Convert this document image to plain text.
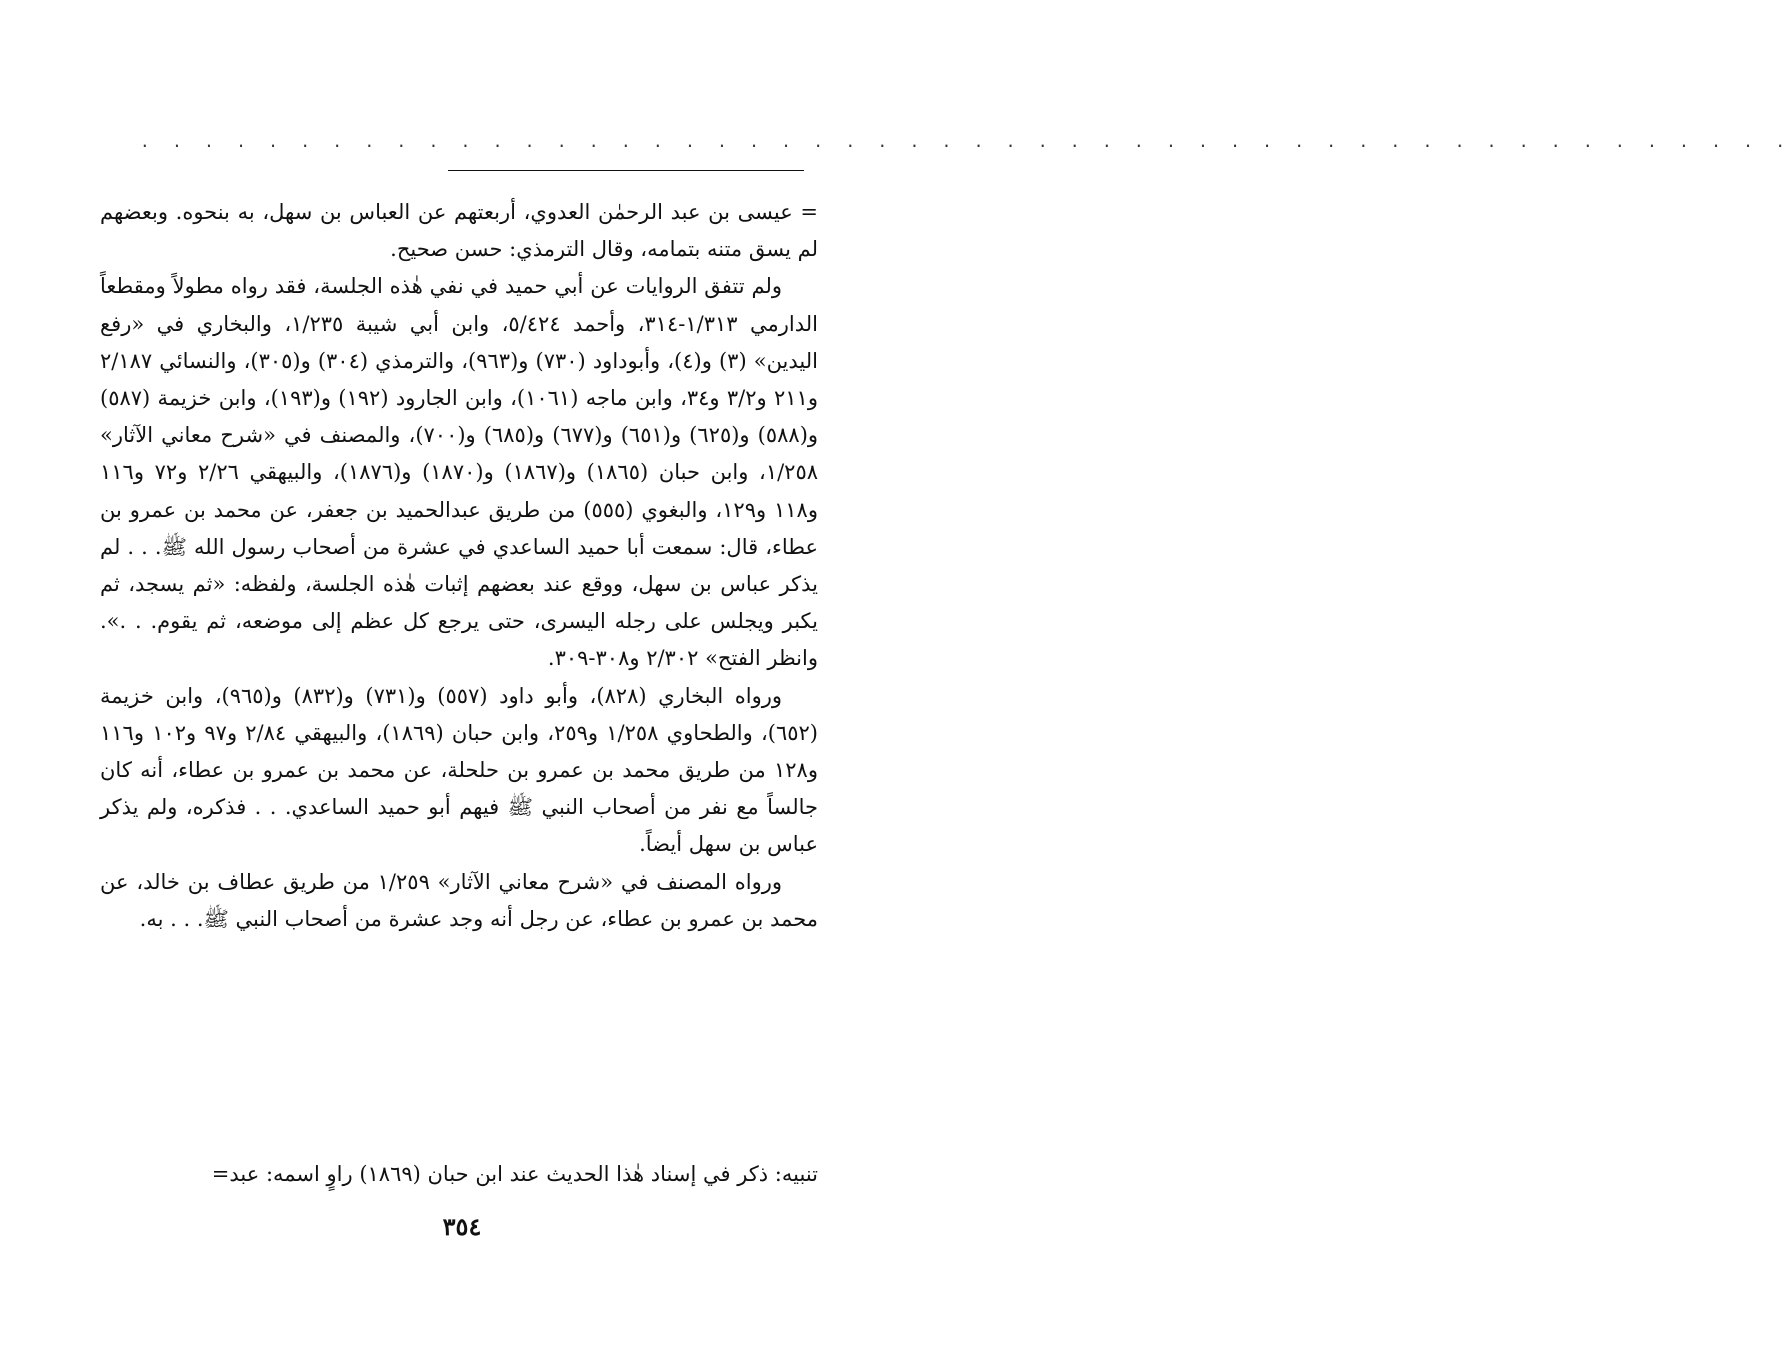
. . . . . . . . . . . . . . . . . . . . . . . . . . . . . . . . . . . . . . . . . . . . . . . . . . . .

= عيسى بن عبد الرحمٰن العدوي، أربعتهم عن العباس بن سهل، به بنحوه. وبعضهم لم يسق متنه بتمامه، وقال الترمذي: حسن صحيح.

ولم تتفق الروايات عن أبي حميد في نفي هٰذه الجلسة، فقد رواه مطولاً ومقطعاً الدارمي ۱/۳۱۳-۳۱٤، وأحمد ٥/٤٢٤، وابن أبي شيبة ۱/۲۳٥، والبخاري في «رفع اليدين» (٣) و(٤)، وأبوداود (٧٣٠) و(٩٦٣)، والترمذي (٣٠٤) و(٣٠٥)، والنسائي ۲/۱۸۷ و۲۱۱ و۳/۲ و۳٤، وابن ماجه (١٠٦١)، وابن الجارود (١٩٢) و(١٩٣)، وابن خزيمة (٥٨٧) و(٥٨٨) و(٦٢٥) و(٦٥١) و(٦٧٧) و(٦٨٥) و(٧٠٠)، والمصنف في «شرح معاني الآثار» ۱/۲٥٨، وابن حبان (١٨٦٥) و(١٨٦٧) و(١٨٧٠) و(١٨٧٦)، والبيهقي ٢/٢٦ و٧٢ و١١٦ و١١٨ و١٢٩، والبغوي (٥٥٥) من طريق عبدالحميد بن جعفر، عن محمد بن عمرو بن عطاء، قال: سمعت أبا حميد الساعدي في عشرة من أصحاب رسول الله ﷺ. . . لم يذكر عباس بن سهل، ووقع عند بعضهم إثبات هٰذه الجلسة، ولفظه: «ثم يسجد، ثم يكبر ويجلس على رجله اليسرى، حتى يرجع كل عظم إلى موضعه، ثم يقوم. . .». وانظر الفتح» ۲/۳۰۲ و۳۰۸-۳۰۹.

ورواه البخاري (٨٢٨)، وأبو داود (٥٥٧) و(٧٣١) و(٨٣٢) و(٩٦٥)، وابن خزيمة (٦٥٢)، والطحاوي ۱/۲٥٨ و۲٥٩، وابن حبان (١٨٦٩)، والبيهقي ٢/٨٤ و٩٧ و١٠٢ و١١٦ و١٢٨ من طريق محمد بن عمرو بن حلحلة، عن محمد بن عمرو بن عطاء، أنه كان جالساً مع نفر من أصحاب النبي ﷺ فيهم أبو حميد الساعدي. . . فذكره، ولم يذكر عباس بن سهل أيضاً.

ورواه المصنف في «شرح معاني الآثار» ۱/۲٥٩ من طريق عطاف بن خالد، عن محمد بن عمرو بن عطاء، عن رجل أنه وجد عشرة من أصحاب النبي ﷺ. . . به.

تنبيه: ذكر في إسناد هٰذا الحديث عند ابن حبان (١٨٦٩) راوٍ اسمه: عبد=
٣٥٤
